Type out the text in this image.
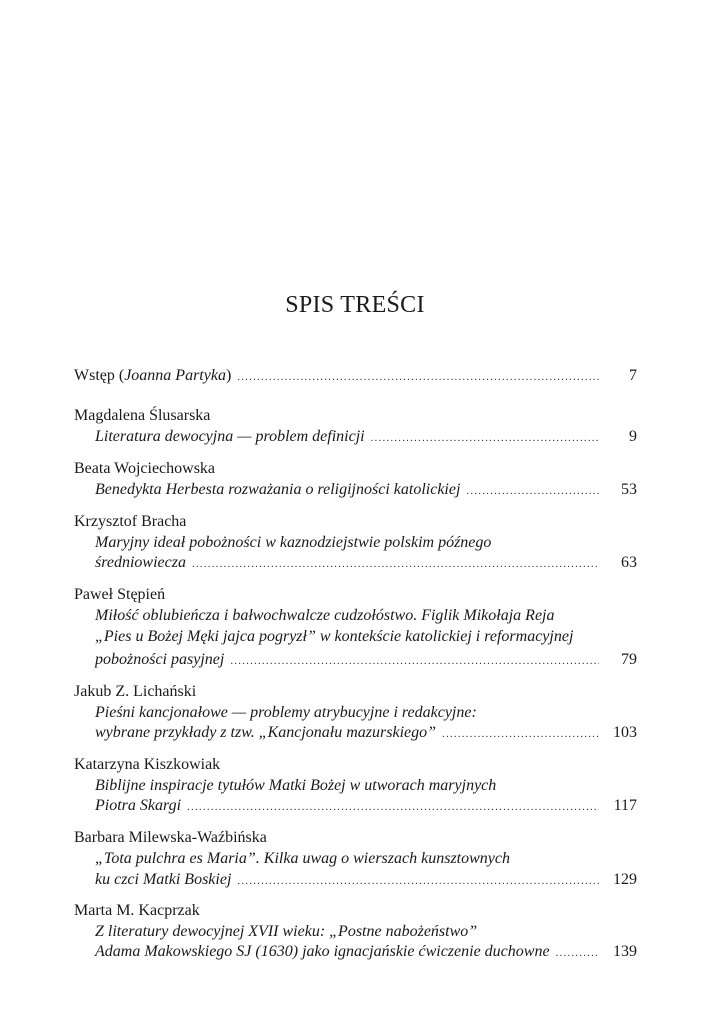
SPIS TREŚCI
Wstęp (Joanna Partyka) .....	7
Magdalena Ślusarska
Literatura dewocyjna — problem definicji .....	9
Beata Wojciechowska
Benedykta Herbesta rozważania o religijności katolickiej .....	53
Krzysztof Bracha
Maryjny ideał pobożności w kaznodziejstwie polskim późnego
średniowiecza .....	63
Paweł Stępień
Miłość oblubieńcza i bałwochwalcze cudzołóstwo. Figlik Mikołaja Reja
„Pies u Bożej Męki jajca pogryzł” w kontekście katolickiej i reformacyjnej
pobożności pasyjnej .....	79
Jakub Z. Lichański
Pieśni kancjonałowe — problemy atrybucyjne i redakcyjne:
wybrane przykłady z tzw. „Kancjonału mazurskiego” .....	103
Katarzyna Kiszkowiak
Biblijne inspiracje tytułów Matki Bożej w utworach maryjnych
Piotra Skargi .....	117
Barbara Milewska-Waźbińska
„Tota pulchra es Maria”. Kilka uwag o wierszach kunsztownych
ku czci Matki Boskiej .....	129
Marta M. Kacprzak
Z literatury dewocyjnej XVII wieku: „Postne nabożeństwo”
Adama Makowskiego SJ (1630) jako ignacjańskie ćwiczenie duchowne .....	139
